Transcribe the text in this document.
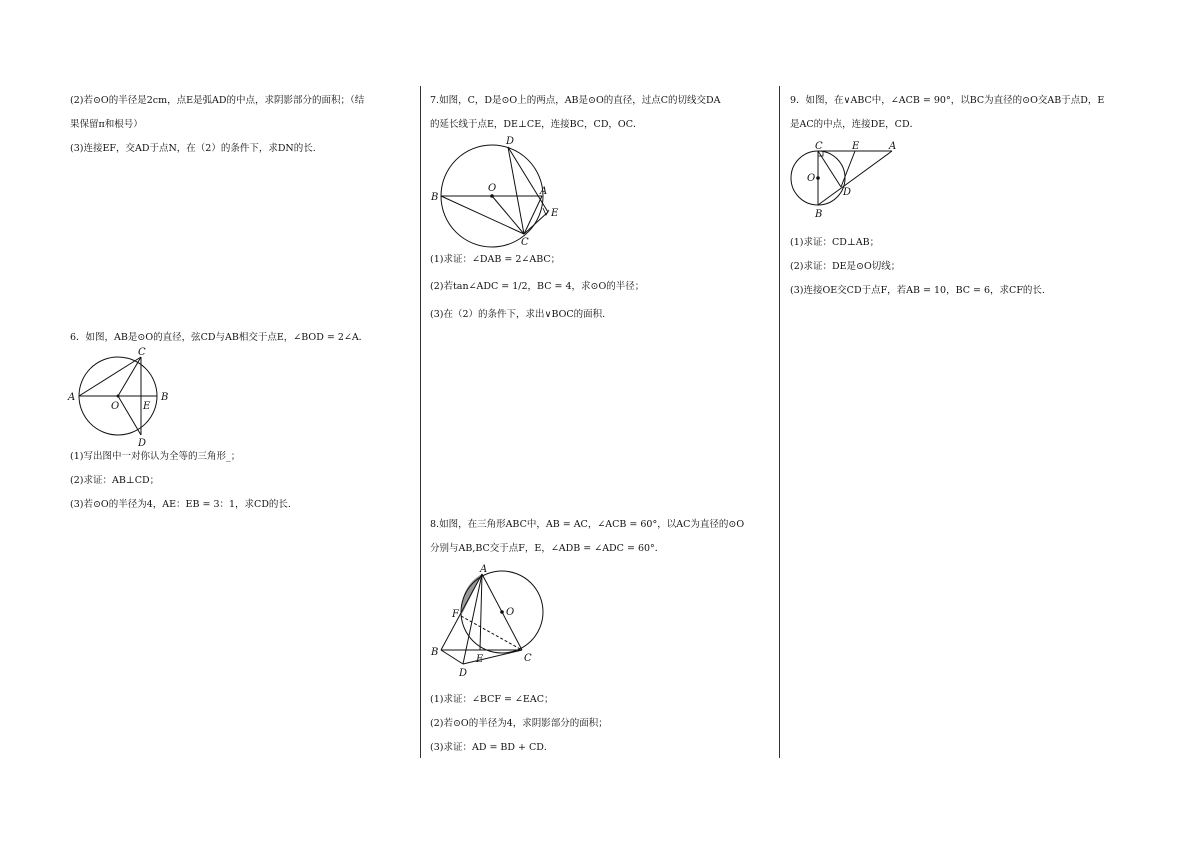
(2)若⊙O的半径是2cm，点E是弧AD的中点，求阴影部分的面积；（结
果保留π和根号）
(3)连接EF，交AD于点N，在（2）的条件下，求DN的长.
6．如图，AB是⊙O的直径，弦CD与AB相交于点E，∠BOD = 2∠A．
A	B
C
D
O E
(1)写出图中一对你认为全等的三角形_；
(2)求证：AB⊥CD；
(3)若⊙O的半径为4，AE：EB = 3：1，求CD的长.
7.如图，C，D是⊙O上的两点，AB是⊙O的直径，过点C的切线交DA
的延长线于点E，DE⊥CE，连接BC，CD，OC．
B
A
D
C
O
E
(1)求证：∠DAB = 2∠ABC；
(2)若tan∠ADC = 1/2，BC = 4，求⊙O的半径；
(3)在（2）的条件下，求出∨BOC的面积.
8.如图，在三角形ABC中，AB = AC，∠ACB = 60°，以AC为直径的⊙O
分别与AB,BC交于点F，E，∠ADB = ∠ADC = 60°．
A
F	O
B
E	C
D
(1)求证：∠BCF = ∠EAC；
(2)若⊙O的半径为4，求阴影部分的面积；
(3)求证：AD = BD + CD．
9．如图，在∨ABC中，∠ACB = 90°，以BC为直径的⊙O交AB于点D，E
是AC的中点，连接DE，CD．
C	E	A
O
D
B
(1)求证：CD⊥AB；
(2)求证：DE是⊙O切线；
(3)连接OE交CD于点F，若AB = 10，BC = 6，求CF的长.
